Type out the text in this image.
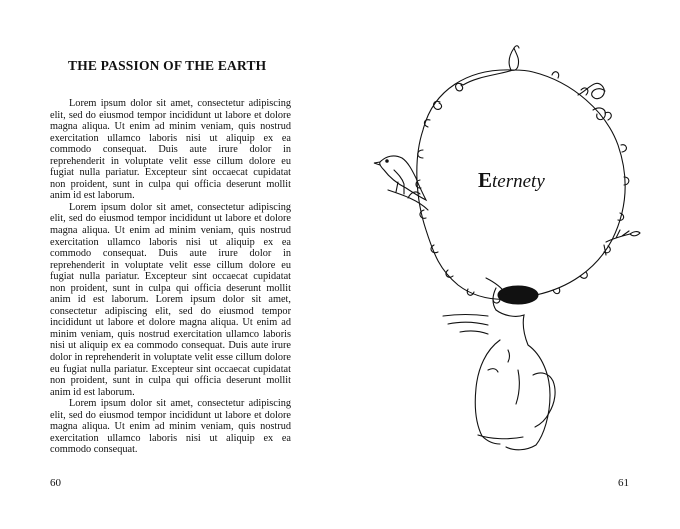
THE PASSION OF THE EARTH

Lorem ipsum dolor sit amet, consectetur adipiscing elit, sed do eiusmod tempor incididunt ut labore et dolore magna aliqua. Ut enim ad minim veniam, quis nostrud exercitation ullamco laboris nisi ut aliquip ex ea commodo consequat. Duis aute irure dolor in reprehenderit in voluptate velit esse cillum dolore eu fugiat nulla pariatur. Excepteur sint occaecat cupidatat non proident, sunt in culpa qui officia deserunt mollit anim id est laborum.

Lorem ipsum dolor sit amet, consectetur adipiscing elit, sed do eiusmod tempor incididunt ut labore et dolore magna aliqua. Ut enim ad minim veniam, quis nostrud exercitation ullamco laboris nisi ut aliquip ex ea commodo consequat. Duis aute irure dolor in reprehenderit in voluptate velit esse cillum dolore eu fugiat nulla pariatur. Excepteur sint occaecat cupidatat non proident, sunt in culpa qui officia deserunt mollit anim id est laborum. Lorem ipsum dolor sit amet, consectetur adipiscing elit, sed do eiusmod tempor incididunt ut labore et dolore magna aliqua. Ut enim ad minim veniam, quis nostrud exercitation ullamco laboris nisi ut aliquip ex ea commodo consequat. Duis aute irure dolor in reprehenderit in voluptate velit esse cillum dolore eu fugiat nulla pariatur. Excepteur sint occaecat cupidatat non proident, sunt in culpa qui officia deserunt mollit anim id est laborum.

Lorem ipsum dolor sit amet, consectetur adipiscing elit, sed do eiusmod tempor incididunt ut labore et dolore magna aliqua. Ut enim ad minim veniam, quis nostrud exercitation ullamco laboris nisi ut aliquip ex ea commodo consequat.

60
Eternety
61
